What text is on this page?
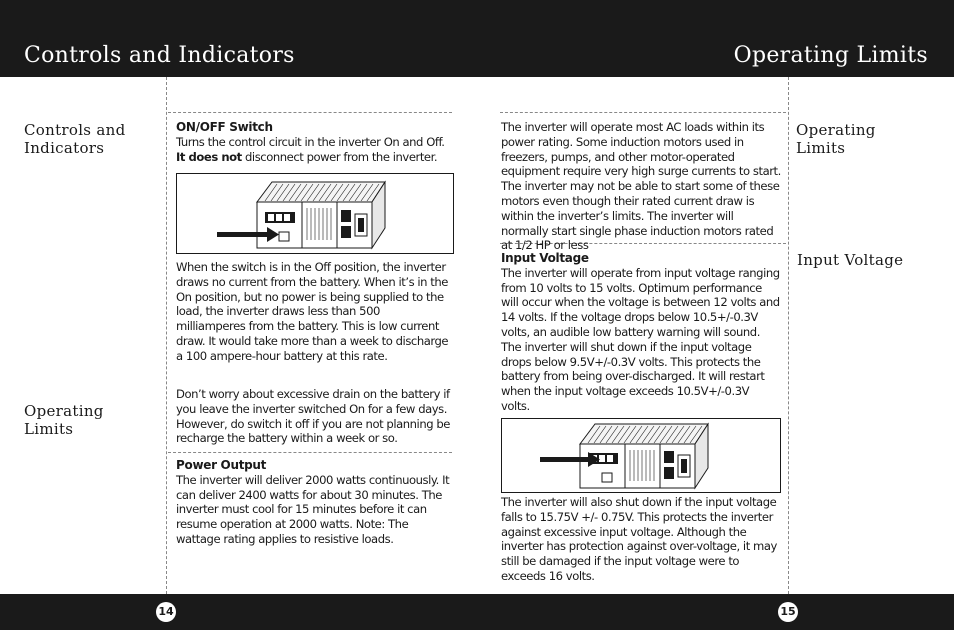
Controls and Indicators	Operating Limits
Controls and
Indicators
Operating
Limits
Operating
Limits
Input Voltage

ON/OFF Switch

Turns the control circuit in the inverter On and Off.
It does not disconnect power from the inverter.

When the switch is in the Off position, the inverter draws no current from the battery. When it’s in the On position, but no power is being supplied to the load, the inverter draws less than 500 milliamperes from the battery. This is low current draw. It would take more than a week to discharge a 100 ampere-hour battery at this rate.

Don’t worry about excessive drain on the battery if you leave the inverter switched On for a few days. However, do switch it off if you are not planning be recharge the battery within a week or so.

Power Output

The inverter will deliver 2000 watts continuously. It can deliver 2400 watts for about 30 minutes. The inverter must cool for 15 minutes before it can resume operation at 2000 watts. Note: The wattage rating applies to resistive loads.

The inverter will operate most AC loads within its power rating. Some induction motors used in freezers, pumps, and other motor-operated equipment require very high surge currents to start. The inverter may not be able to start some of these motors even though their rated current draw is within the inverter’s limits. The inverter will normally start single phase induction motors rated at 1/2 HP or less

Input Voltage

The inverter will operate from input voltage ranging from 10 volts to 15 volts. Optimum performance will occur when the voltage is between 12 volts and 14 volts. If the voltage drops below 10.5+/-0.3V volts, an audible low battery warning will sound. The inverter will shut down if the input voltage drops below 9.5V+/-0.3V volts. This protects the battery from being over-discharged. It will restart when the input voltage exceeds 10.5V+/-0.3V volts.

The inverter will also shut down if the input voltage falls to 15.75V +/- 0.75V. This protects the inverter against excessive input voltage. Although the inverter has protection against over-voltage, it may still be damaged if the input voltage were to exceeds 16 volts.

14	15
